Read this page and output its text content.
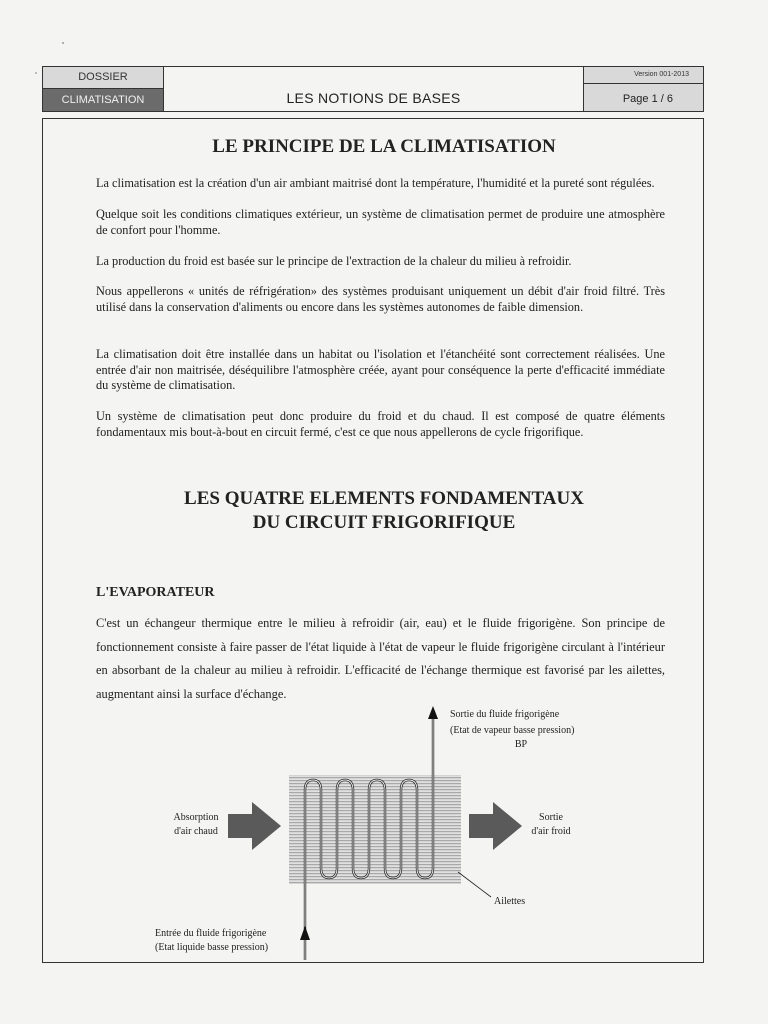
DOSSIER
CLIMATISATION	LES NOTIONS DE BASES
Version 001-2013
Page 1 / 6
LE PRINCIPE DE LA CLIMATISATION

La climatisation est la création d'un air ambiant maitrisé dont la température, l'humidité et la pureté sont régulées.

Quelque soit les conditions climatiques extérieur, un système de climatisation permet de produire une atmosphère de confort pour l'homme.

La production du froid est basée sur le principe de l'extraction de la chaleur du milieu à refroidir.

Nous appellerons « unités de réfrigération» des systèmes produisant uniquement un débit d'air froid filtré. Très utilisé dans la conservation d'aliments ou encore dans les systèmes autonomes de faible dimension.

La climatisation doit être installée dans un habitat ou l'isolation et l'étanchéité sont correctement réalisées. Une entrée d'air non maitrisée, déséquilibre l'atmosphère créée, ayant pour conséquence la perte d'efficacité immédiate du système de climatisation.

Un système de climatisation peut donc produire du froid et du chaud. Il est composé de quatre éléments fondamentaux mis bout-à-bout en circuit fermé, c'est ce que nous appellerons de cycle frigorifique.

LES QUATRE ELEMENTS FONDAMENTAUX
DU CIRCUIT FRIGORIFIQUE
L'EVAPORATEUR

C'est un échangeur thermique entre le milieu à refroidir (air, eau) et le fluide frigorigène. Son principe de fonctionnement consiste à faire passer de l'état liquide à l'état de vapeur le fluide frigorigène circulant à l'intérieur en absorbant de la chaleur au milieu à refroidir. L'efficacité de l'échange thermique est favorisé par les ailettes, augmentant ainsi la surface d'échange.

Sortie du fluide frigorigène
(Etat de vapeur basse pression)
BP
Absorption
d'air chaud
Sortie
d'air froid
Ailettes
Entrée du fluide frigorigène
(Etat liquide basse pression)
